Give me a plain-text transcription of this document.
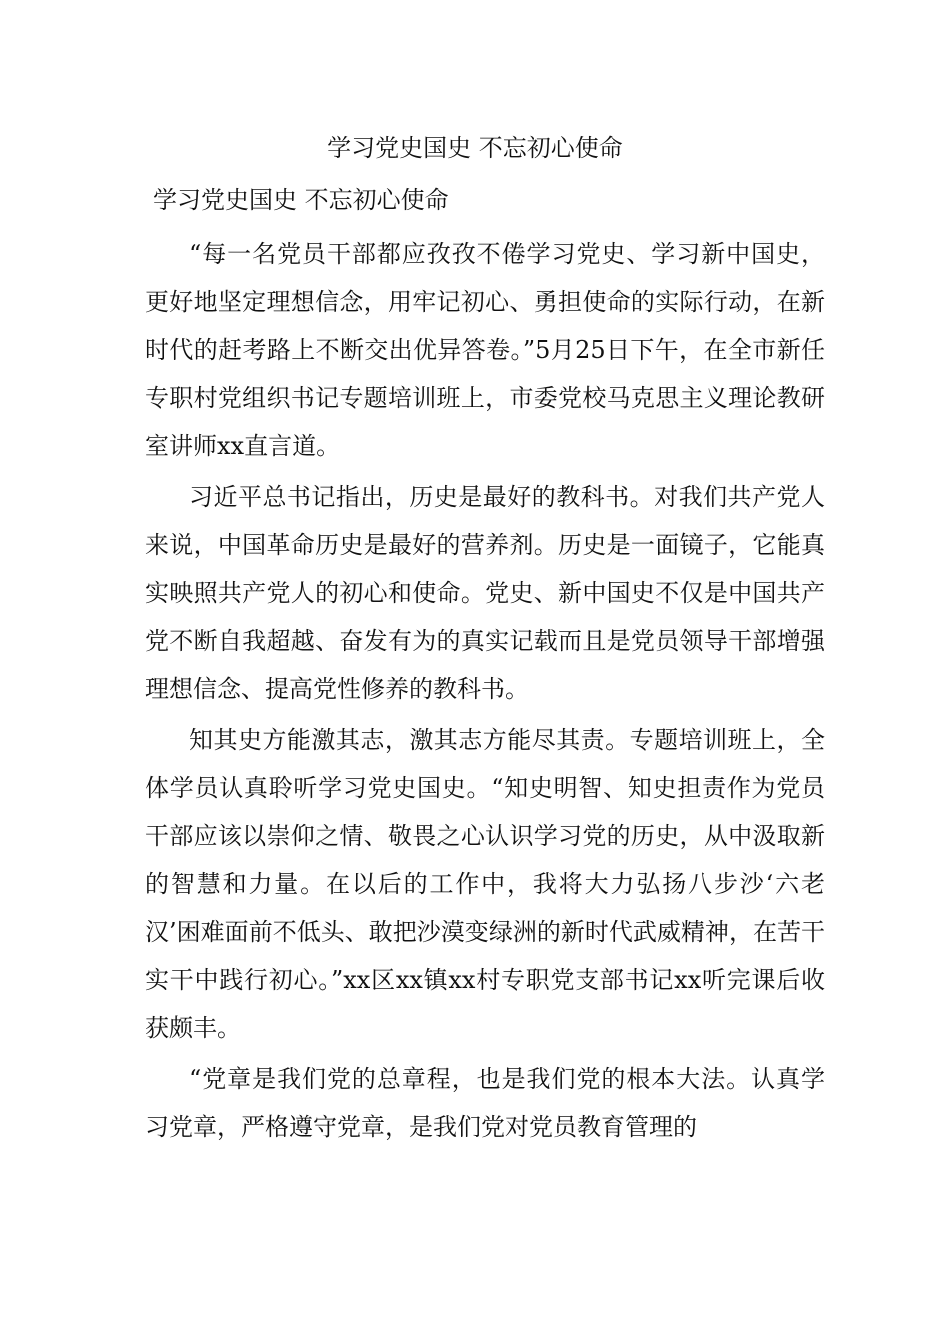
学习党史国史 不忘初心使命
学习党史国史 不忘初心使命

“每一名党员干部都应孜孜不倦学习党史、学习新中国史，更好地坚定理想信念，用牢记初心、勇担使命的实际行动，在新时代的赶考路上不断交出优异答卷。”5月25日下午，在全市新任专职村党组织书记专题培训班上，市委党校马克思主义理论教研室讲师xx直言道。

习近平总书记指出，历史是最好的教科书。对我们共产党人来说，中国革命历史是最好的营养剂。历史是一面镜子，它能真实映照共产党人的初心和使命。党史、新中国史不仅是中国共产党不断自我超越、奋发有为的真实记载而且是党员领导干部增强理想信念、提高党性修养的教科书。

知其史方能激其志，激其志方能尽其责。专题培训班上，全体学员认真聆听学习党史国史。“知史明智、知史担责作为党员干部应该以崇仰之情、敬畏之心认识学习党的历史，从中汲取新的智慧和力量。在以后的工作中，我将大力弘扬八步沙‘六老汉’困难面前不低头、敢把沙漠变绿洲的新时代武威精神，在苦干实干中践行初心。”xx区xx镇xx村专职党支部书记xx听完课后收获颇丰。

“党章是我们党的总章程，也是我们党的根本大法。认真学习党章，严格遵守党章，是我们党对党员教育管理的
